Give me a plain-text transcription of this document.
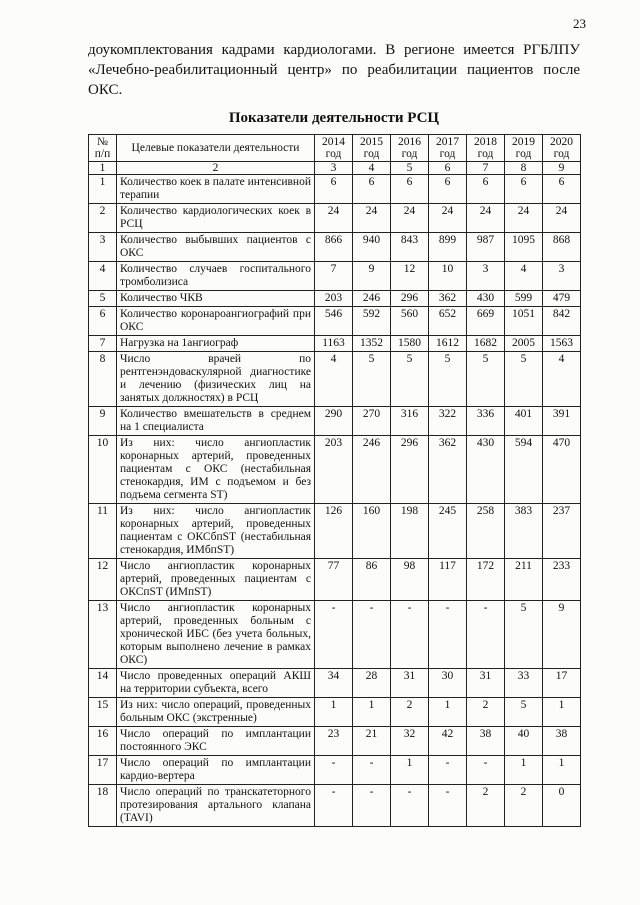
23

доукомплектования кадрами кардиологами. В регионе имеется РГБЛПУ «Лечебно-реабилитационный центр» по реабилитации пациентов после ОКС.

Показатели деятельности РСЦ
№ п/п	Целевые показатели деятельности	2014 год	2015 год	2016 год	2017 год	2018 год	2019 год	2020 год
1	2	3	4	5	6	7	8	9
1	Количество коек в палате интенсивной терапии	6	6	6	6	6	6	6
2	Количество кардиологических коек в РСЦ	24	24	24	24	24	24	24
3	Количество выбывших пациентов с ОКС	866	940	843	899	987	1095	868
4	Количество случаев госпитального тромболизиса	7	9	12	10	3	4	3
5	Количество ЧКВ	203	246	296	362	430	599	479
6	Количество коронароангиографий при ОКС	546	592	560	652	669	1051	842
7	Нагрузка на 1ангиограф	1163	1352	1580	1612	1682	2005	1563
8	Число врачей по рентгенэндоваскулярной диагностике и лечению (физических лиц на занятых должностях) в РСЦ	4	5	5	5	5	5	4
9	Количество вмешательств в среднем на 1 специалиста	290	270	316	322	336	401	391
10	Из них: число ангиопластик коронарных артерий, проведенных пациентам с ОКС (нестабильная стенокардия, ИМ с подъемом и без подъема сегмента ST)	203	246	296	362	430	594	470
11	Из них: число ангиопластик коронарных артерий, проведенных пациентам с ОКСбпST (нестабильная стенокардия, ИМбпST)	126	160	198	245	258	383	237
12	Число ангиопластик коронарных артерий, проведенных пациентам с ОКСпST (ИМпST)	77	86	98	117	172	211	233
13	Число ангиопластик коронарных артерий, проведенных больным с хронической ИБС (без учета больных, которым выполнено лечение в рамках ОКС)	-	-	-	-	-	5	9
14	Число проведенных операций АКШ на территории субъекта, всего	34	28	31	30	31	33	17
15	Из них: число операций, проведенных больным ОКС (экстренные)	1	1	2	1	2	5	1
16	Число операций по имплантации постоянного ЭКС	23	21	32	42	38	40	38
17	Число операций по имплантации кардио-вертера	-	-	1	-	-	1	1
18	Число операций по транскатеторного протезирования артального клапана (TAVI)	-	-	-	-	2	2	0
